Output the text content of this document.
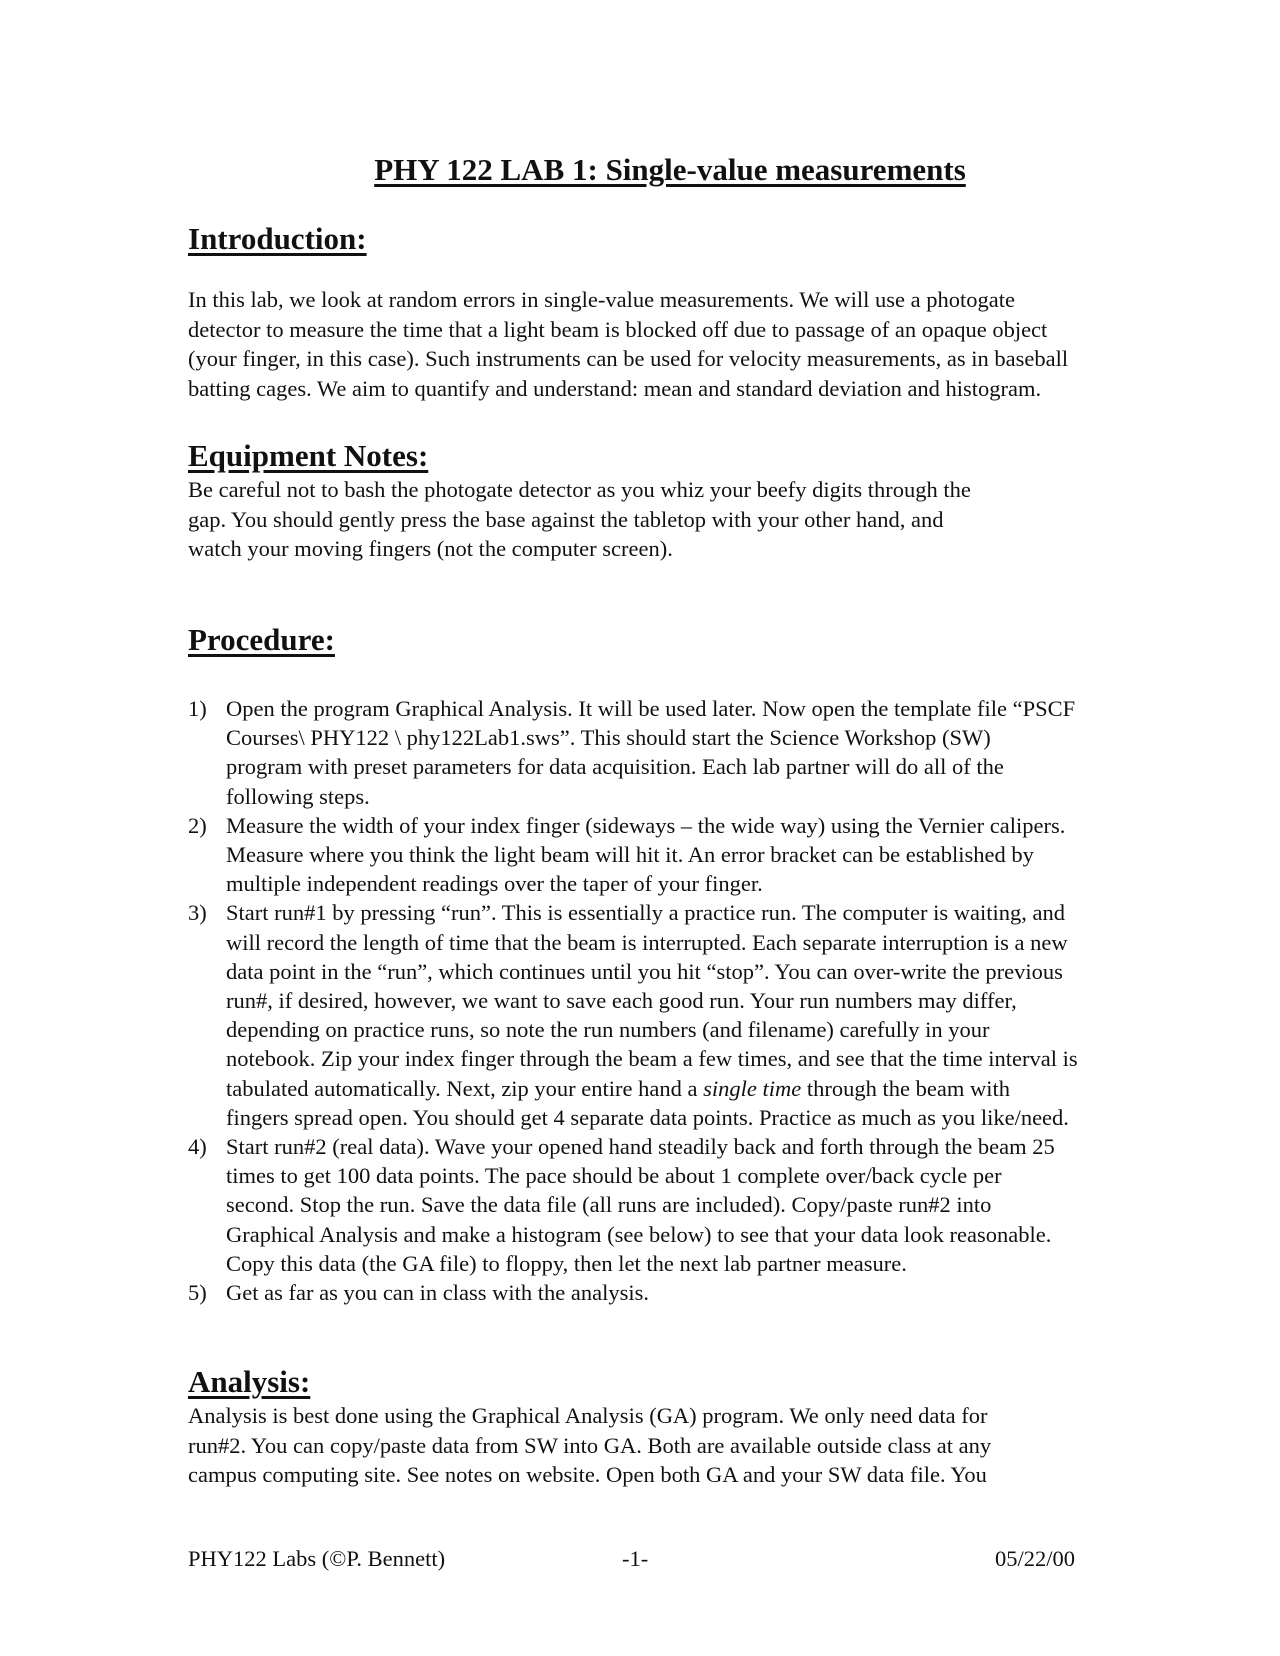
PHY 122 LAB 1: Single-value measurements
Introduction:

In this lab, we look at random errors in single-value measurements. We will use a photogate
detector to measure the time that a light beam is blocked off due to passage of an opaque object
(your finger, in this case). Such instruments can be used for velocity measurements, as in baseball
batting cages. We aim to quantify and understand: mean and standard deviation and histogram.

Equipment Notes:

Be careful not to bash the photogate detector as you whiz your beefy digits through the
gap. You should gently press the base against the tabletop with your other hand, and
watch your moving fingers (not the computer screen).

Procedure:
1) Open the program Graphical Analysis. It will be used later. Now open the template file “PSCF
Courses\ PHY122 \ phy122Lab1.sws”. This should start the Science Workshop (SW)
program with preset parameters for data acquisition. Each lab partner will do all of the
following steps.
2) Measure the width of your index finger (sideways – the wide way) using the Vernier calipers.
Measure where you think the light beam will hit it. An error bracket can be established by
multiple independent readings over the taper of your finger.
3) Start run#1 by pressing “run”. This is essentially a practice run. The computer is waiting, and
will record the length of time that the beam is interrupted. Each separate interruption is a new
data point in the “run”, which continues until you hit “stop”. You can over-write the previous
run#, if desired, however, we want to save each good run. Your run numbers may differ,
depending on practice runs, so note the run numbers (and filename) carefully in your
notebook. Zip your index finger through the beam a few times, and see that the time interval is
tabulated automatically. Next, zip your entire hand a single time through the beam with
fingers spread open. You should get 4 separate data points. Practice as much as you like/need.
4) Start run#2 (real data). Wave your opened hand steadily back and forth through the beam 25
times to get 100 data points. The pace should be about 1 complete over/back cycle per
second. Stop the run. Save the data file (all runs are included). Copy/paste run#2 into
Graphical Analysis and make a histogram (see below) to see that your data look reasonable.
Copy this data (the GA file) to floppy, then let the next lab partner measure.
5) Get as far as you can in class with the analysis.
Analysis:

Analysis is best done using the Graphical Analysis (GA) program. We only need data for
run#2. You can copy/paste data from SW into GA. Both are available outside class at any
campus computing site. See notes on website. Open both GA and your SW data file. You

PHY122 Labs (©P. Bennett)	-1-	05/22/00
